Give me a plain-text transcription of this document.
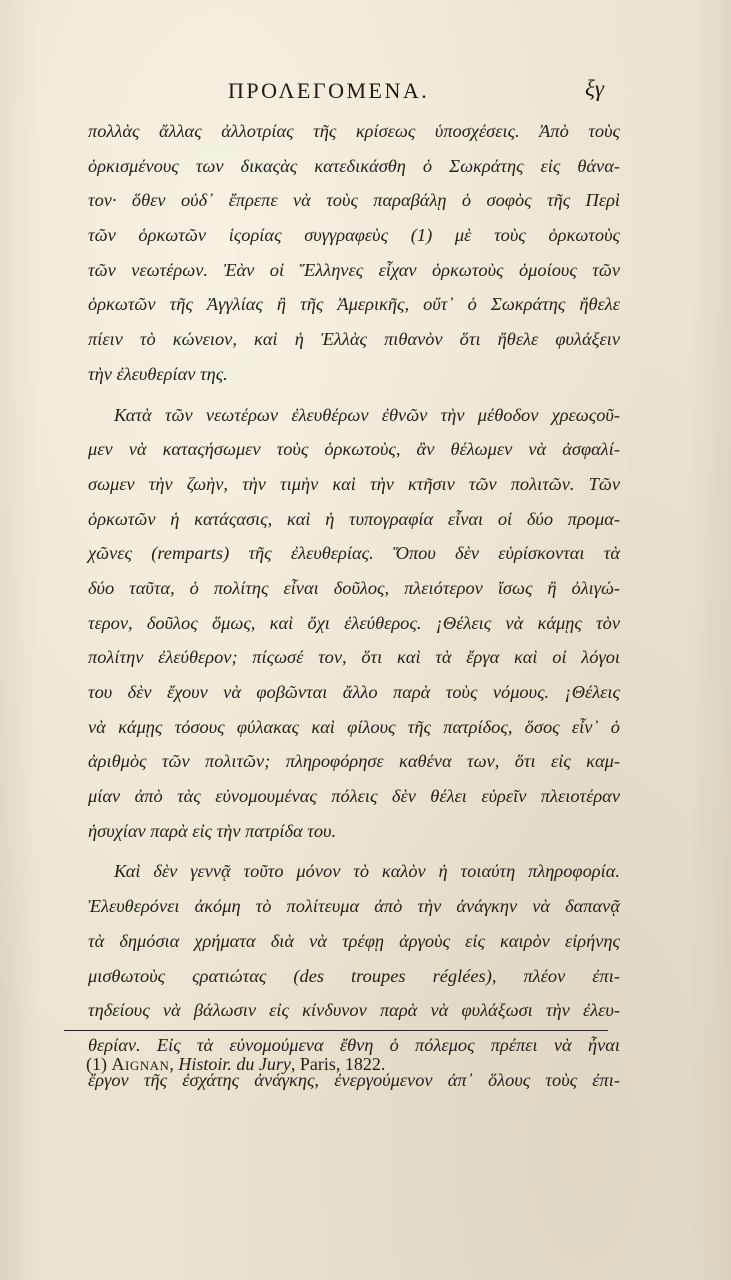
ΠΡΟΛΕΓΟΜΕΝΑ.	ξγ
πολλὰς ἄλλας ἀλλοτρίας τῆς κρίσεως ὑποσχέσεις. Ἀπὸ τοὺς
ὁρκισμένους των δικαςὰς κατεδικάσθη ὁ Σωκράτης εἰς θάνα-
τον· ὅθεν οὐδ᾽ ἔπρεπε νὰ τοὺς παραβάλῃ ὁ σοφὸς τῆς Περὶ
τῶν ὁρκωτῶν ἱςορίας συγγραφεὺς (1) μὲ τοὺς ὁρκωτοὺς
τῶν νεωτέρων. Ἐὰν οἱ Ἕλληνες εἶχαν ὁρκωτοὺς ὁμοίους τῶν
ὁρκωτῶν τῆς Ἀγγλίας ἢ τῆς Ἀμερικῆς, οὔτ᾽ ὁ Σωκράτης ἤθελε
πίειν τὸ κώνειον, καὶ ἡ Ἑλλὰς πιθανὸν ὅτι ἤθελε φυλάξειν
τὴν ἐλευθερίαν της.
Κατὰ τῶν νεωτέρων ἐλευθέρων ἐθνῶν τὴν μέθοδον χρεωςοῦ-
μεν νὰ καταςήσωμεν τοὺς ὁρκωτοὺς, ἂν θέλωμεν νὰ ἀσφαλί-
σωμεν τὴν ζωὴν, τὴν τιμὴν καὶ τὴν κτῆσιν τῶν πολιτῶν. Τῶν
ὁρκωτῶν ἡ κατάςασις, καὶ ἡ τυπογραφία εἶναι οἱ δύο προμα-
χῶνες (remparts) τῆς ἐλευθερίας. Ὅπου δὲν εὑρίσκονται τὰ
δύο ταῦτα, ὁ πολίτης εἶναι δοῦλος, πλειότερον ἴσως ἢ ὀλιγώ-
τερον, δοῦλος ὅμως, καὶ ὄχι ἐλεύθερος. ¡Θέλεις νὰ κάμῃς τὸν
πολίτην ἐλεύθερον; πίςωσέ τον, ὅτι καὶ τὰ ἔργα καὶ οἱ λόγοι
του δὲν ἔχουν νὰ φοβῶνται ἄλλο παρὰ τοὺς νόμους. ¡Θέλεις
νὰ κάμῃς τόσους φύλακας καὶ φίλους τῆς πατρίδος, ὅσος εἶν᾽ ὁ
ἀριθμὸς τῶν πολιτῶν; πληροφόρησε καθένα των, ὅτι εἰς καμ-
μίαν ἀπὸ τὰς εὐνομουμένας πόλεις δὲν θέλει εὑρεῖν πλειοτέραν
ἡσυχίαν παρὰ εἰς τὴν πατρίδα του.
Καὶ δὲν γεννᾷ τοῦτο μόνον τὸ καλὸν ἡ τοιαύτη πληροφορία.
Ἐλευθερόνει ἀκόμη τὸ πολίτευμα ἀπὸ τὴν ἀνάγκην νὰ δαπανᾷ
τὰ δημόσια χρήματα διὰ νὰ τρέφῃ ἀργοὺς εἰς καιρὸν εἰρήνης
μισθωτοὺς ςρατιώτας (des troupes réglées), πλέον ἐπι-
τηδείους νὰ βάλωσιν εἰς κίνδυνον παρὰ νὰ φυλάξωσι τὴν ἐλευ-
θερίαν. Εἰς τὰ εὐνομούμενα ἔθνη ὁ πόλεμος πρέπει νὰ ἦναι
ἔργον τῆς ἐσχάτης ἀνάγκης, ἐνεργούμενον ἀπ᾽ ὅλους τοὺς ἐπι-
(1) Aignan, Histoir. du Jury, Paris, 1822.
